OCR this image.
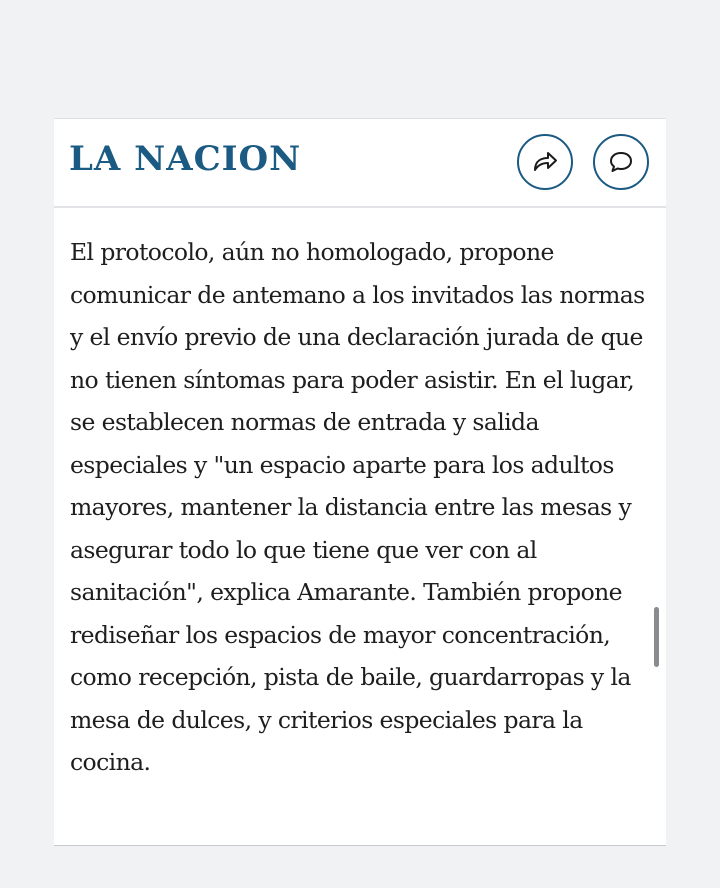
LA NACION

El protocolo, aún no homologado, propone comunicar de antemano a los invitados las normas y el envío previo de una declaración jurada de que no tienen síntomas para poder asistir. En el lugar, se establecen normas de entrada y salida especiales y "un espacio aparte para los adultos mayores, mantener la distancia entre las mesas y asegurar todo lo que tiene que ver con al sanitación", explica Amarante. También propone rediseñar los espacios de mayor concentración, como recepción, pista de baile, guardarropas y la mesa de dulces, y criterios especiales para la cocina.
